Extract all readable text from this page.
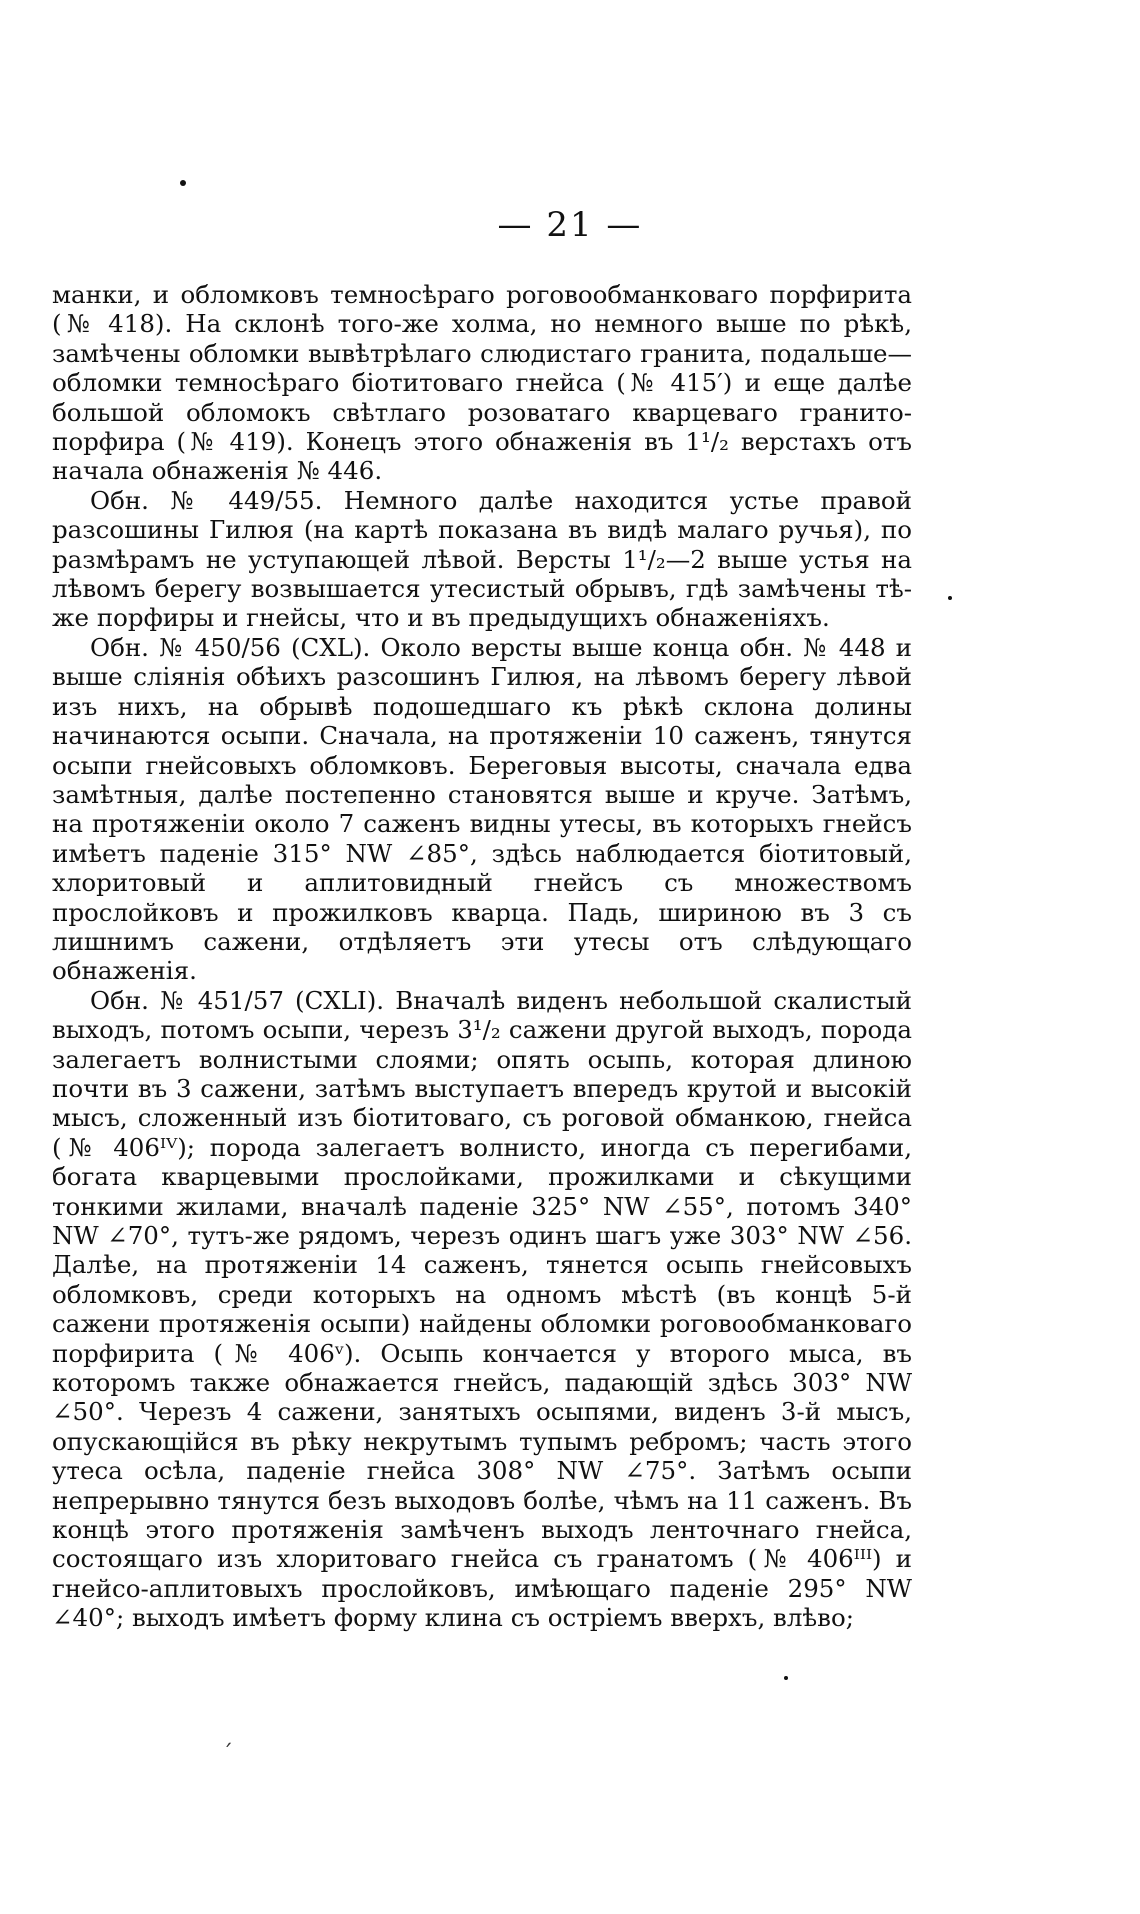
ˊ
— 21 —

манки, и обломковъ темносѣраго роговообманковаго порфирита (№ 418). На склонѣ того-же холма, но немного выше по рѣкѣ, замѣчены обломки вывѣтрѣлаго слюдистаго гранита, подальше— обломки темносѣраго біотитоваго гнейса (№ 415′) и еще далѣе большой обломокъ свѣтлаго розоватаго кварцеваго гранито-порфира (№ 419). Конецъ этого обнаженія въ 1¹/₂ верстахъ отъ начала обнаженія № 446.

Обн. № 449/55. Немного далѣе находится устье правой разсошины Гилюя (на картѣ показана въ видѣ малаго ручья), по размѣрамъ не уступающей лѣвой. Версты 1¹/₂—2 выше устья на лѣвомъ берегу возвышается утесистый обрывъ, гдѣ замѣчены тѣ-же порфиры и гнейсы, что и въ предыдущихъ обнаженіяхъ.

Обн. № 450/56 (CXL). Около версты выше конца обн. № 448 и выше слiянія обѣихъ разсошинъ Гилюя, на лѣвомъ берегу лѣвой изъ нихъ, на обрывѣ подошедшаго къ рѣкѣ склона долины начинаются осыпи. Сначала, на протяженіи 10 саженъ, тянутся осыпи гнейсовыхъ обломковъ. Береговыя высоты, сначала едва замѣтныя, далѣе постепенно становятся выше и круче. Затѣмъ, на протяженіи около 7 саженъ видны утесы, въ которыхъ гнейсъ имѣетъ паденіе 315° NW ∠85°, здѣсь наблюдается біотитовый, хлоритовый и аплитовидный гнейсъ съ множествомъ прослойковъ и прожилковъ кварца. Падь, шириною въ 3 съ лишнимъ сажени, отдѣляетъ эти утесы отъ слѣдующаго обнаженія.

Обн. № 451/57 (CXLI). Вначалѣ виденъ небольшой скалистый выходъ, потомъ осыпи, черезъ 3¹/₂ сажени другой выходъ, порода залегаетъ волнистыми слоями; опять осыпь, которая длиною почти въ 3 сажени, затѣмъ выступаетъ впередъ крутой и высокій мысъ, сложенный изъ біотитоваго, съ роговой обманкою, гнейса (№ 406ᴵⱽ); порода залегаетъ волнисто, иногда съ перегибами, богата кварцевыми прослойками, прожилками и сѣкущими тонкими жилами, вначалѣ паденіе 325° NW ∠55°, потомъ 340° NW ∠70°, тутъ-же рядомъ, черезъ одинъ шагъ уже 303° NW ∠56. Далѣе, на протяженіи 14 саженъ, тянется осыпь гнейсовыхъ обломковъ, среди которыхъ на одномъ мѣстѣ (въ концѣ 5-й сажени протяженія осыпи) найдены обломки роговообманковаго порфирита (№ 406ᵛ). Осыпь кончается у второго мыса, въ которомъ также обнажается гнейсъ, падающій здѣсь 303° NW ∠50°. Черезъ 4 сажени, занятыхъ осыпями, виденъ 3-й мысъ, опускающійся въ рѣку некрутымъ тупымъ ребромъ; часть этого утеса осѣла, паденіе гнейса 308° NW ∠75°. Затѣмъ осыпи непрерывно тянутся безъ выходовъ болѣе, чѣмъ на 11 саженъ. Въ концѣ этого протяженія замѣченъ выходъ ленточнаго гнейса, состоящаго изъ хлоритоваго гнейса съ гранатомъ (№ 406ᴵᴵᴵ) и гнейсо-аплитовыхъ прослойковъ, имѣющаго паденіе 295° NW ∠40°; выходъ имѣетъ форму клина съ остріемъ вверхъ, влѣво;
